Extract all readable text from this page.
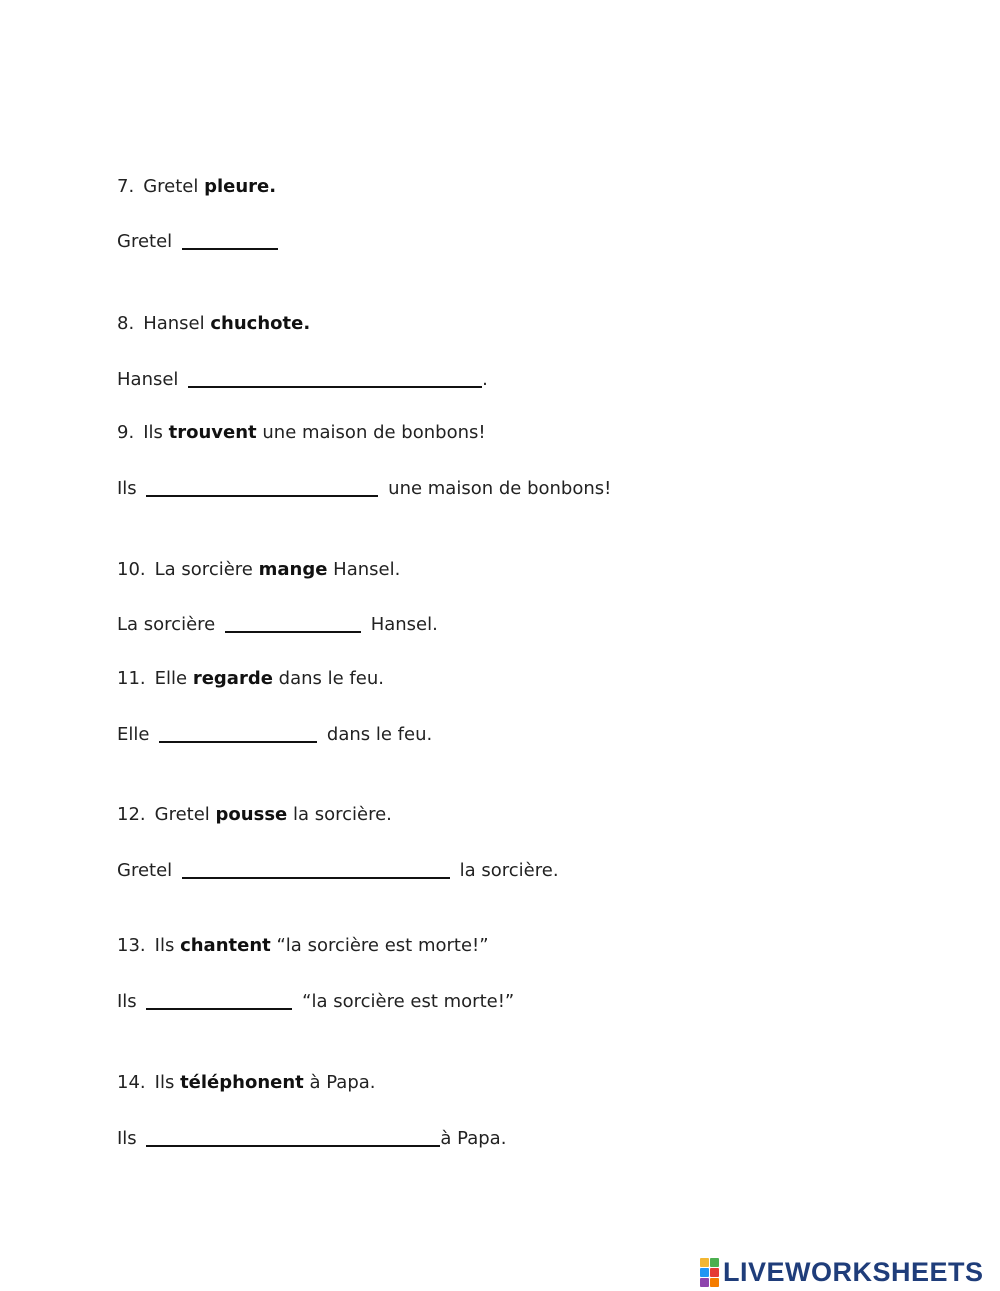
7. Gretel pleure.
Gretel
8. Hansel chuchote.
Hansel	.
9. Ils trouvent une maison de bonbons!
Ils	une maison de bonbons!
10. La sorcière mange Hansel.
La sorcière	Hansel.
11. Elle regarde dans le feu.
Elle	dans le feu.
12. Gretel pousse la sorcière.
Gretel	la sorcière.
13. Ils chantent “la sorcière est morte!”
Ils	“la sorcière est morte!”
14. Ils téléphonent à Papa.
Ils	à Papa.
LIVEWORKSHEETS
